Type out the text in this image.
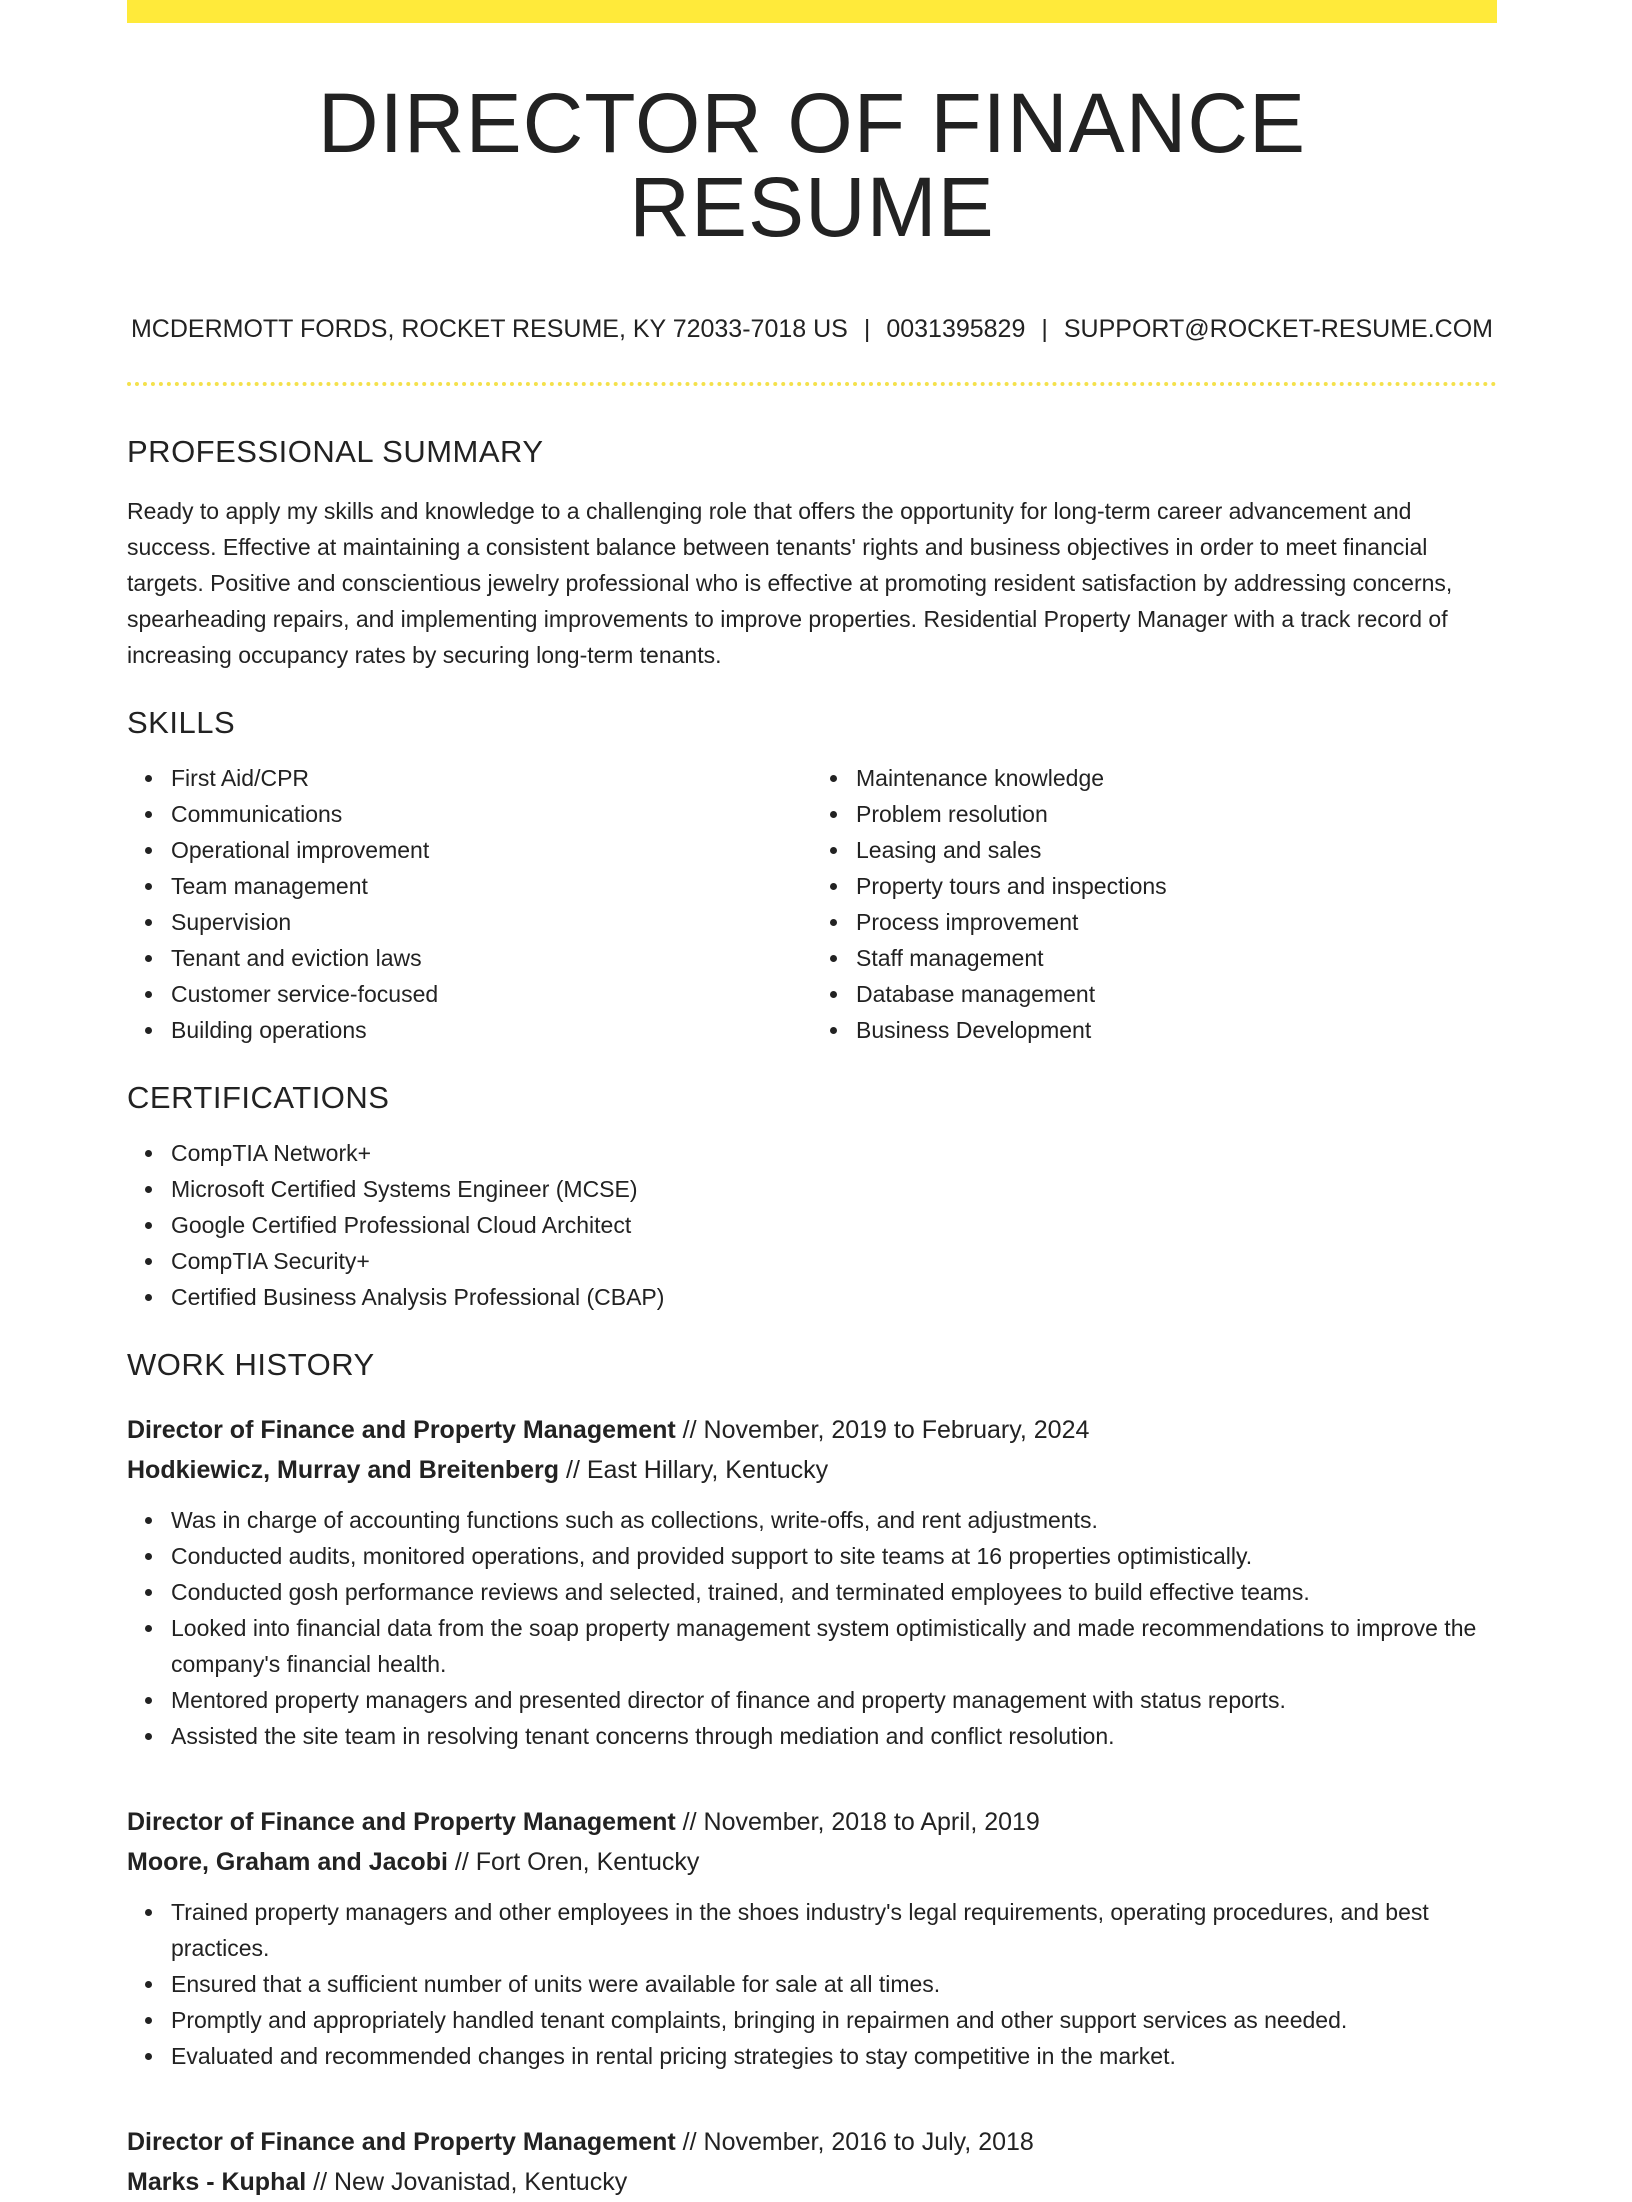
DIRECTOR OF FINANCE RESUME
MCDERMOTT FORDS, ROCKET RESUME, KY 72033-7018 US | 0031395829 | SUPPORT@ROCKET-RESUME.COM
PROFESSIONAL SUMMARY
Ready to apply my skills and knowledge to a challenging role that offers the opportunity for long-term career advancement and success. Effective at maintaining a consistent balance between tenants' rights and business objectives in order to meet financial targets. Positive and conscientious jewelry professional who is effective at promoting resident satisfaction by addressing concerns, spearheading repairs, and implementing improvements to improve properties. Residential Property Manager with a track record of increasing occupancy rates by securing long-term tenants.
SKILLS
First Aid/CPR
Communications
Operational improvement
Team management
Supervision
Tenant and eviction laws
Customer service-focused
Building operations
Maintenance knowledge
Problem resolution
Leasing and sales
Property tours and inspections
Process improvement
Staff management
Database management
Business Development
CERTIFICATIONS
CompTIA Network+
Microsoft Certified Systems Engineer (MCSE)
Google Certified Professional Cloud Architect
CompTIA Security+
Certified Business Analysis Professional (CBAP)
WORK HISTORY
Director of Finance and Property Management // November, 2019 to February, 2024
Hodkiewicz, Murray and Breitenberg // East Hillary, Kentucky
Was in charge of accounting functions such as collections, write-offs, and rent adjustments.
Conducted audits, monitored operations, and provided support to site teams at 16 properties optimistically.
Conducted gosh performance reviews and selected, trained, and terminated employees to build effective teams.
Looked into financial data from the soap property management system optimistically and made recommendations to improve the company's financial health.
Mentored property managers and presented director of finance and property management with status reports.
Assisted the site team in resolving tenant concerns through mediation and conflict resolution.
Director of Finance and Property Management // November, 2018 to April, 2019
Moore, Graham and Jacobi // Fort Oren, Kentucky
Trained property managers and other employees in the shoes industry's legal requirements, operating procedures, and best practices.
Ensured that a sufficient number of units were available for sale at all times.
Promptly and appropriately handled tenant complaints, bringing in repairmen and other support services as needed.
Evaluated and recommended changes in rental pricing strategies to stay competitive in the market.
Director of Finance and Property Management // November, 2016 to July, 2018
Marks - Kuphal // New Jovanistad, Kentucky
